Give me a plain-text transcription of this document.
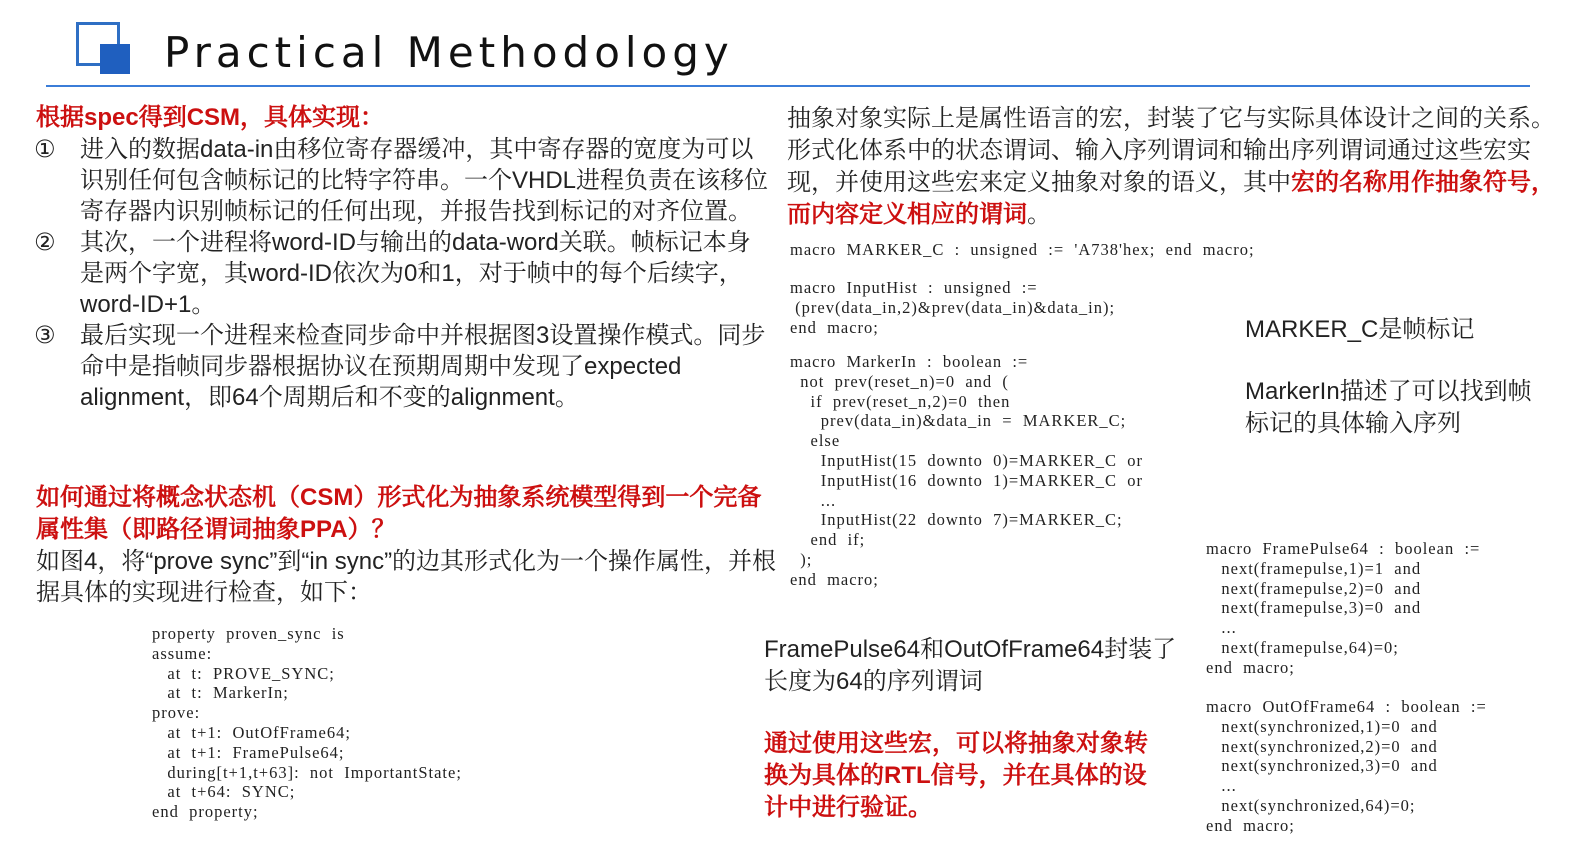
Practical Methodology
根据spec得到CSM，具体实现：
① 进入的数据data-in由移位寄存器缓冲，其中寄存器的宽度为可以识别任何包含帧标记的比特字符串。一个VHDL进程负责在该移位寄存器内识别帧标记的任何出现，并报告找到标记的对齐位置。
② 其次，一个进程将word-ID与输出的data-word关联。帧标记本身是两个字宽，其word-ID依次为0和1，对于帧中的每个后续字，word-ID+1。
③ 最后实现一个进程来检查同步命中并根据图3设置操作模式。同步命中是指帧同步器根据协议在预期周期中发现了expected alignment，即64个周期后和不变的alignment。
如何通过将概念状态机（CSM）形式化为抽象系统模型得到一个完备属性集（即路径谓词抽象PPA）？
如图4，将“prove sync”到“in sync”的边其形式化为一个操作属性，并根据具体的实现进行检查，如下：
property  proven_sync  is
assume:
at  t:  PROVE_SYNC;
at  t:  MarkerIn;
prove:
at  t+1:  OutOfFrame64;
at  t+1:  FramePulse64;
during[t+1,t+63]:  not  ImportantState;
at  t+64:  SYNC;
end  property;
抽象对象实际上是属性语言的宏，封装了它与实际具体设计之间的关系。形式化体系中的状态谓词、输入序列谓词和输出序列谓词通过这些宏实现，并使用这些宏来定义抽象对象的语义，其中宏的名称用作抽象符号，而内容定义相应的谓词。
macro  MARKER_C  :  unsigned  :=  'A738'hex;  end  macro;
macro  InputHist  :  unsigned  :=
(prev(data_in,2)&prev(data_in)&data_in);
end  macro;
macro  MarkerIn  :  boolean  :=
not  prev(reset_n)=0  and  (
if  prev(reset_n,2)=0  then
prev(data_in)&data_in  =  MARKER_C;
else
InputHist(15  downto  0)=MARKER_C  or
InputHist(16  downto  1)=MARKER_C  or
...
InputHist(22  downto  7)=MARKER_C;
end  if;
);
end  macro;
MARKER_C是帧标记
MarkerIn描述了可以找到帧标记的具体输入序列
macro  FramePulse64  :  boolean  :=
next(framepulse,1)=1  and
next(framepulse,2)=0  and
next(framepulse,3)=0  and
...
next(framepulse,64)=0;
end  macro;
macro  OutOfFrame64  :  boolean  :=
next(synchronized,1)=0  and
next(synchronized,2)=0  and
next(synchronized,3)=0  and
...
next(synchronized,64)=0;
end  macro;
FramePulse64和OutOfFrame64封装了长度为64的序列谓词
通过使用这些宏，可以将抽象对象转换为具体的RTL信号，并在具体的设计中进行验证。
